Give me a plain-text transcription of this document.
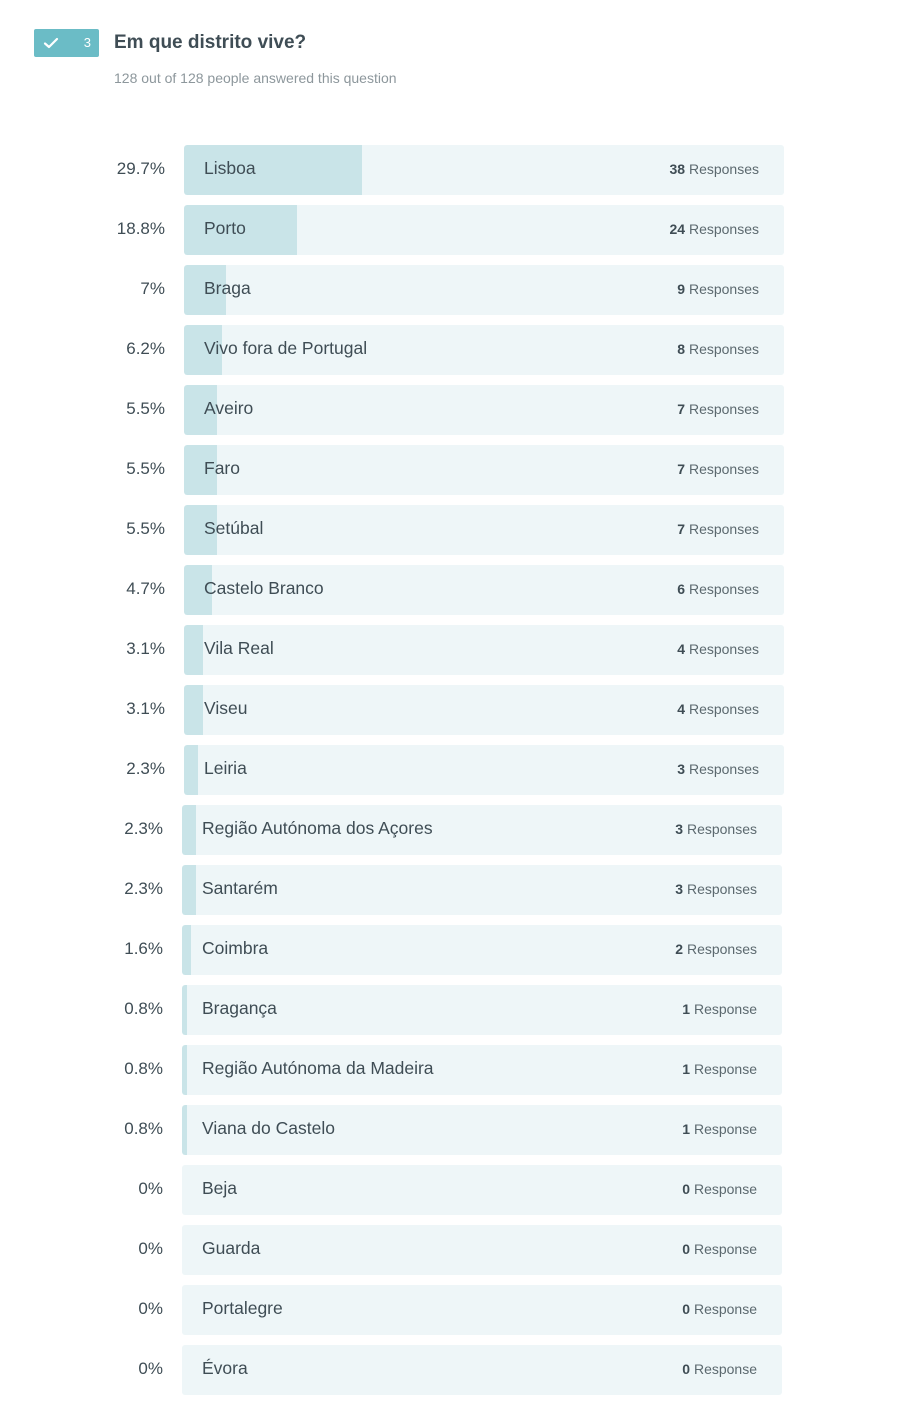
3 Em que distrito vive?
128 out of 128 people answered this question
29.7% Lisboa	38 Responses
18.8% Porto	24 Responses
7% Braga	9 Responses
6.2% Vivo fora de Portugal	8 Responses
5.5% Aveiro	7 Responses
5.5% Faro	7 Responses
5.5% Setúbal	7 Responses
4.7% Castelo Branco	6 Responses
3.1% Vila Real	4 Responses
3.1% Viseu	4 Responses
2.3% Leiria	3 Responses
2.3% Região Autónoma dos Açores	3 Responses
2.3% Santarém	3 Responses
1.6% Coimbra	2 Responses
0.8% Bragança	1 Response
0.8% Região Autónoma da Madeira	1 Response
0.8% Viana do Castelo	1 Response
0% Beja	0 Response
0% Guarda	0 Response
0% Portalegre	0 Response
0% Évora	0 Response
